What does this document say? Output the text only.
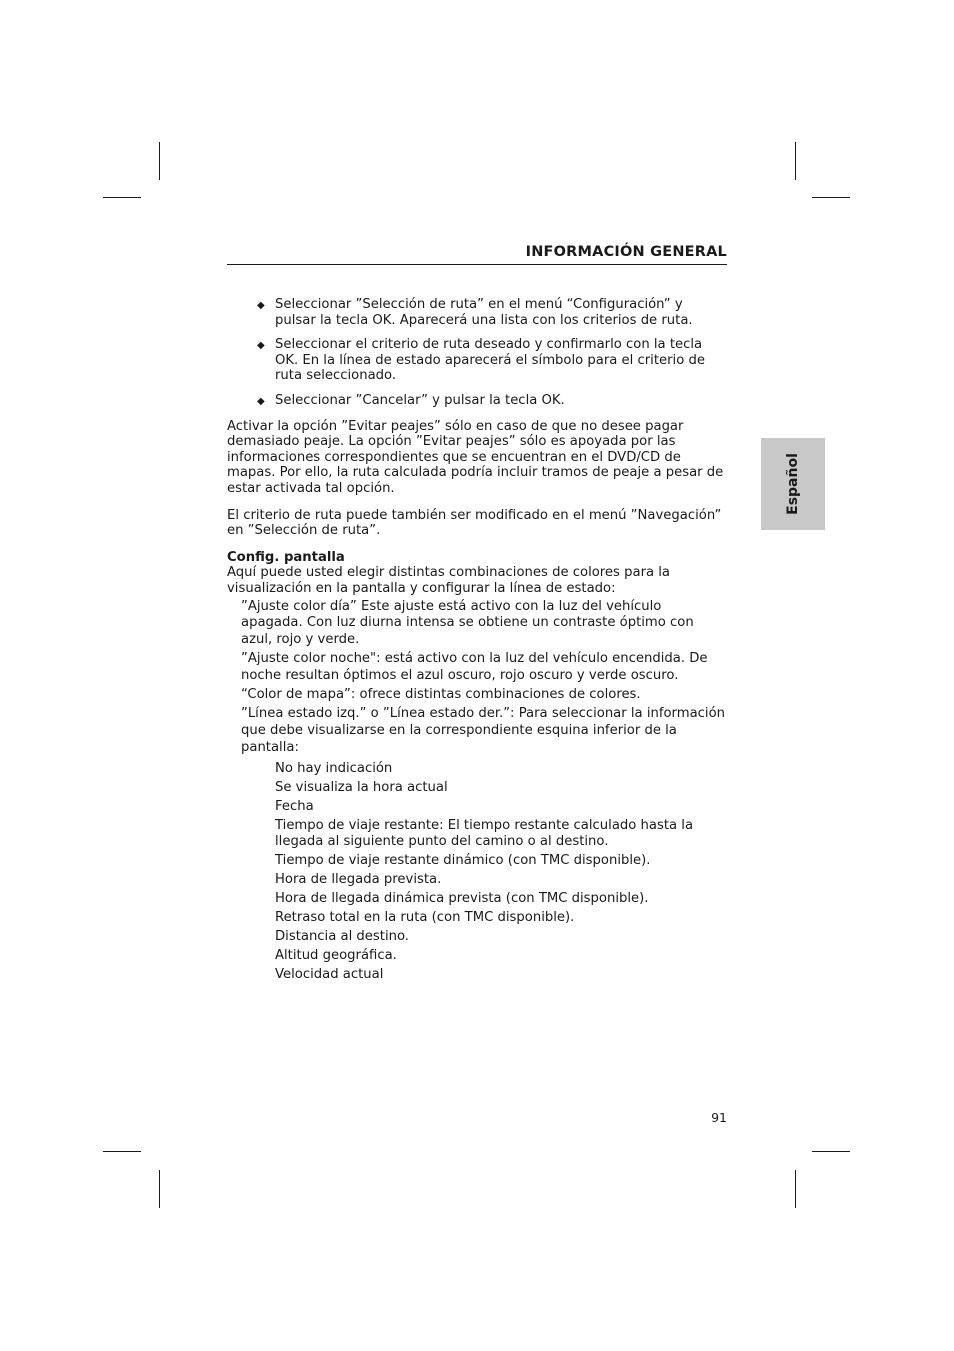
INFORMACIÓN GENERAL
Español
◆ Seleccionar ”Selección de ruta” en el menú “Configuración” y pulsar la tecla OK. Aparecerá una lista con los criterios de ruta.
◆ Seleccionar el criterio de ruta deseado y confirmarlo con la tecla OK. En la línea de estado aparecerá el símbolo para el criterio de ruta seleccionado.
◆ Seleccionar ”Cancelar” y pulsar la tecla OK.

Activar la opción ”Evitar peajes” sólo en caso de que no desee pagar demasiado peaje. La opción ”Evitar peajes” sólo es apoyada por las informaciones correspondientes que se encuentran en el DVD/CD de mapas. Por ello, la ruta calculada podría incluir tramos de peaje a pesar de estar activada tal opción.

El criterio de ruta puede también ser modificado en el menú ”Navegación” en ”Selección de ruta”.

Config. pantalla
Aquí puede usted elegir distintas combinaciones de colores para la visualización en la pantalla y configurar la línea de estado:
”Ajuste color día” Este ajuste está activo con la luz del vehículo apagada. Con luz diurna intensa se obtiene un contraste óptimo con azul, rojo y verde.
”Ajuste color noche": está activo con la luz del vehículo encendida. De noche resultan óptimos el azul oscuro, rojo oscuro y verde oscuro.
“Color de mapa”: ofrece distintas combinaciones de colores.
”Línea estado izq.” o ”Línea estado der.”: Para seleccionar la información que debe visualizarse en la correspondiente esquina inferior de la pantalla:
No hay indicación
Se visualiza la hora actual
Fecha
Tiempo de viaje restante: El tiempo restante calculado hasta la llegada al siguiente punto del camino o al destino.
Tiempo de viaje restante dinámico (con TMC disponible).
Hora de llegada prevista.
Hora de llegada dinámica prevista (con TMC disponible).
Retraso total en la ruta (con TMC disponible).
Distancia al destino.
Altitud geográfica.
Velocidad actual
91
